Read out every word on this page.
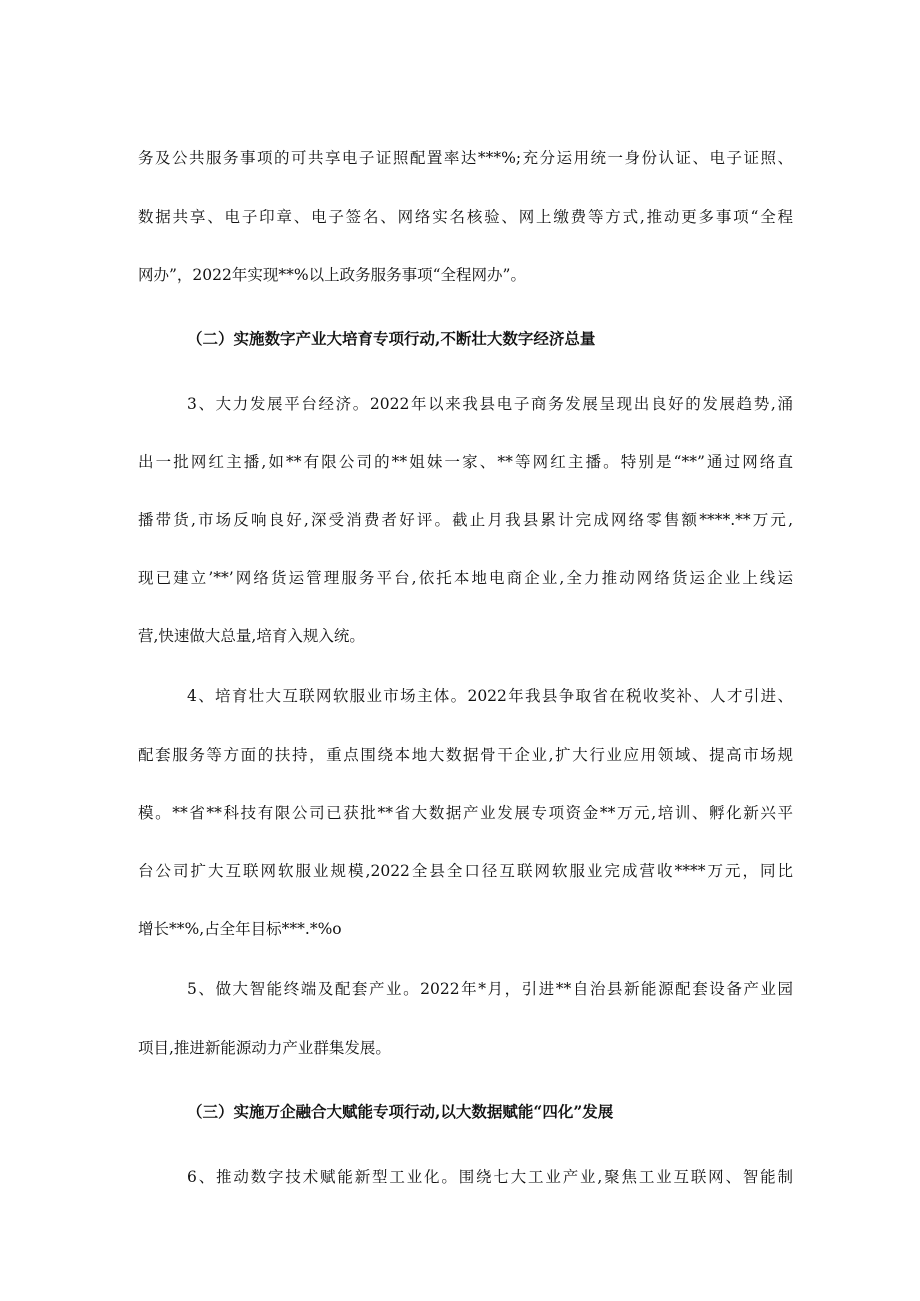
务及公共服务事项的可共享电子证照配置率达***%;充分运用统一身份认证、电子证照、
数据共享、电子印章、电子签名、网络实名核验、网上缴费等方式,推动更多事项“全程
网办”，2022年实现**%以上政务服务事项“全程网办”。
（二）实施数字产业大培育专项行动,不断壮大数字经济总量
3、大力发展平台经济。2022年以来我县电子商务发展呈现出良好的发展趋势,涌
出一批网红主播,如**有限公司的**姐妹一家、**等网红主播。特别是“**”通过网络直
播带货,市场反响良好,深受消费者好评。截止月我县累计完成网络零售额****.**万元,
现已建立’**’网络货运管理服务平台,依托本地电商企业,全力推动网络货运企业上线运
营,快速做大总量,培育入规入统。
4、培育壮大互联网软服业市场主体。2022年我县争取省在税收奖补、人才引进、
配套服务等方面的扶持，重点围绕本地大数据骨干企业,扩大行业应用领域、提高市场规
模。**省**科技有限公司已获批**省大数据产业发展专项资金**万元,培训、孵化新兴平
台公司扩大互联网软服业规模,2022全县全口径互联网软服业完成营收****万元，同比
增长**%,占全年目标***.*%o
5、做大智能终端及配套产业。2022年*月，引进**自治县新能源配套设备产业园
项目,推进新能源动力产业群集发展。
（三）实施万企融合大赋能专项行动,以大数据赋能“四化”发展
6、推动数字技术赋能新型工业化。围绕七大工业产业,聚焦工业互联网、智能制
